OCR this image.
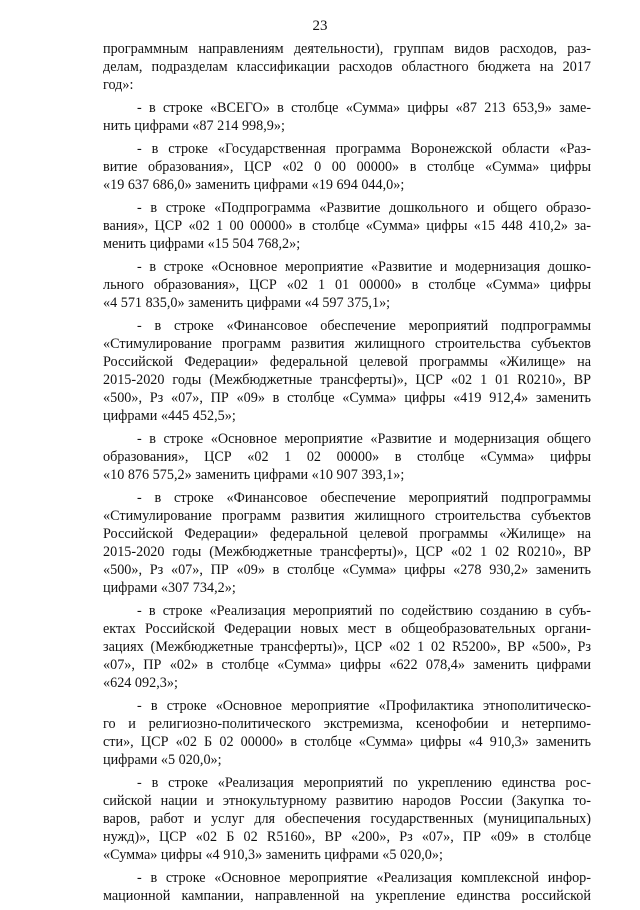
23
программным направлениям деятельности), группам видов расходов, раз-
делам, подразделам классификации расходов областного бюджета на 2017
год»:
- в строке «ВСЕГО» в столбце «Сумма» цифры «87 213 653,9» заме-
нить цифрами «87 214 998,9»;
- в строке «Государственная программа Воронежской области «Раз-
витие образования», ЦСР «02 0 00 00000» в столбце «Сумма» цифры
«19 637 686,0» заменить цифрами «19 694 044,0»;
- в строке «Подпрограмма «Развитие дошкольного и общего образо-
вания», ЦСР «02 1 00 00000» в столбце «Сумма» цифры «15 448 410,2» за-
менить цифрами «15 504 768,2»;
- в строке «Основное мероприятие «Развитие и модернизация дошко-
льного образования», ЦСР «02 1 01 00000» в столбце «Сумма» цифры
«4 571 835,0» заменить цифрами «4 597 375,1»;
- в строке «Финансовое обеспечение мероприятий подпрограммы
«Стимулирование программ развития жилищного строительства субъектов
Российской Федерации» федеральной целевой программы «Жилище» на
2015-2020 годы (Межбюджетные трансферты)», ЦСР «02 1 01 R0210», ВР
«500», Рз «07», ПР «09» в столбце «Сумма» цифры «419 912,4» заменить
цифрами «445 452,5»;
- в строке «Основное мероприятие «Развитие и модернизация общего
образования», ЦСР «02 1 02 00000» в столбце «Сумма» цифры
«10 876 575,2» заменить цифрами «10 907 393,1»;
- в строке «Финансовое обеспечение мероприятий подпрограммы
«Стимулирование программ развития жилищного строительства субъектов
Российской Федерации» федеральной целевой программы «Жилище» на
2015-2020 годы (Межбюджетные трансферты)», ЦСР «02 1 02 R0210», ВР
«500», Рз «07», ПР «09» в столбце «Сумма» цифры «278 930,2» заменить
цифрами «307 734,2»;
- в строке «Реализация мероприятий по содействию созданию в субъ-
ектах Российской Федерации новых мест в общеобразовательных органи-
зациях (Межбюджетные трансферты)», ЦСР «02 1 02 R5200», ВР «500», Рз
«07», ПР «02» в столбце «Сумма» цифры «622 078,4» заменить цифрами
«624 092,3»;
- в строке «Основное мероприятие «Профилактика этнополитическо-
го и религиозно-политического экстремизма, ксенофобии и нетерпимо-
сти», ЦСР «02 Б 02 00000» в столбце «Сумма» цифры «4 910,3» заменить
цифрами «5 020,0»;
- в строке «Реализация мероприятий по укреплению единства рос-
сийской нации и этнокультурному развитию народов России (Закупка то-
варов, работ и услуг для обеспечения государственных (муниципальных)
нужд)», ЦСР «02 Б 02 R5160», ВР «200», Рз «07», ПР «09» в столбце
«Сумма» цифры «4 910,3» заменить цифрами «5 020,0»;
- в строке «Основное мероприятие «Реализация комплексной инфор-
мационной кампании, направленной на укрепление единства российской
